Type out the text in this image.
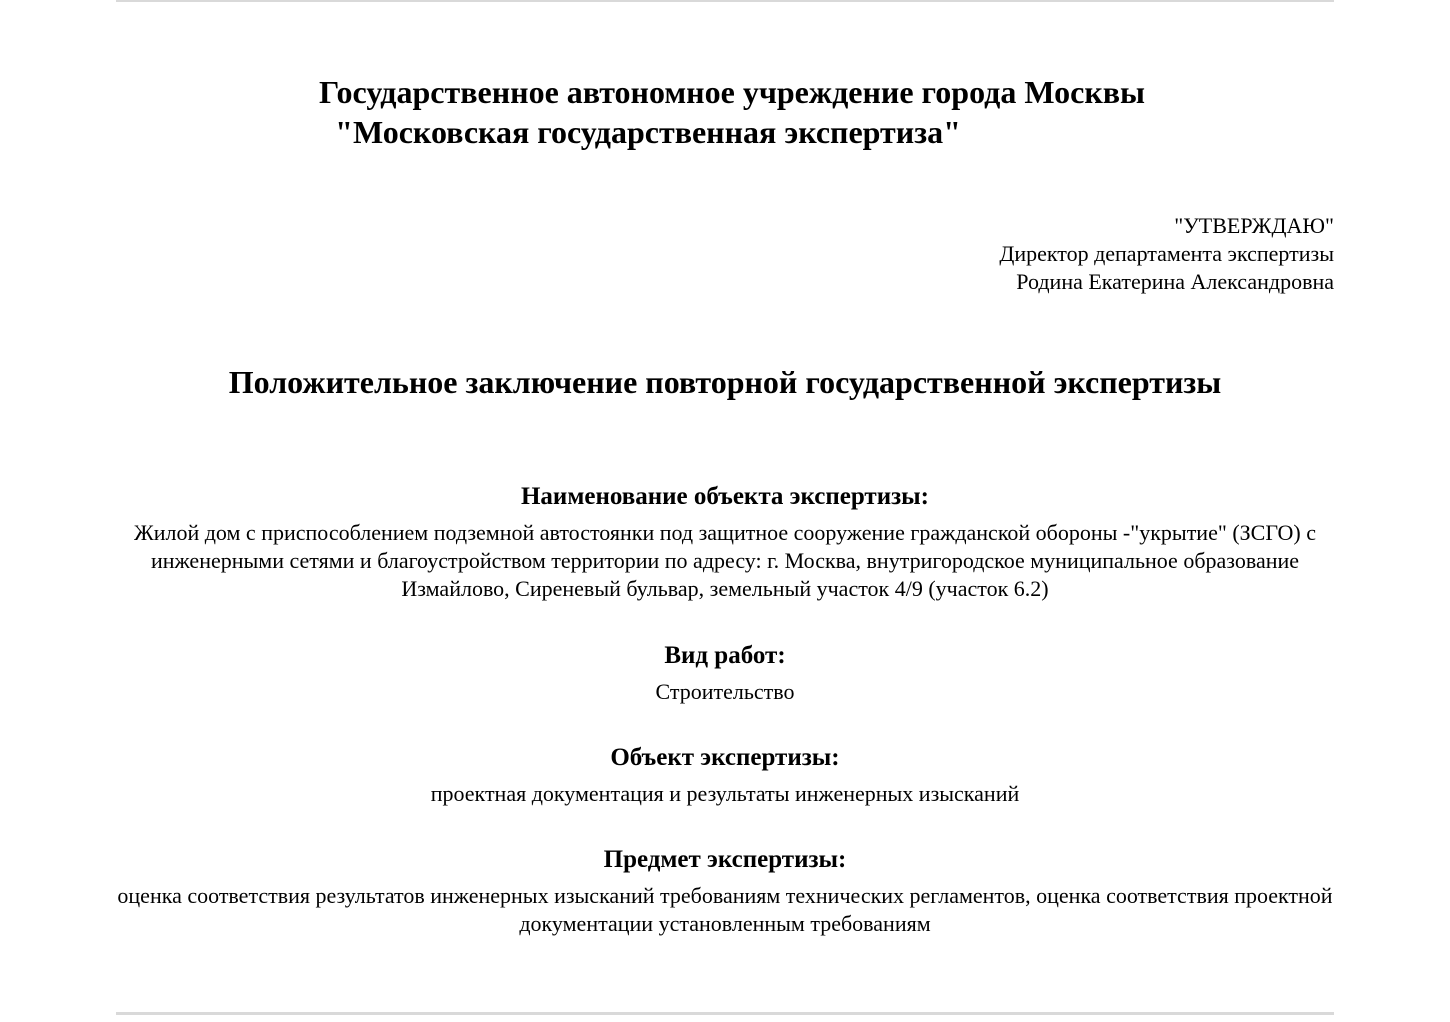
Государственное автономное учреждение города Москвы
"Московская государственная экспертиза"
"УТВЕРЖДАЮ"
Директор департамента экспертизы
Родина Екатерина Александровна
Положительное заключение повторной государственной экспертизы
Наименование объекта экспертизы:
Жилой дом с приспособлением подземной автостоянки под защитное сооружение гражданской обороны -"укрытие" (ЗСГО) с инженерными сетями и благоустройством территории по адресу: г. Москва, внутригородское муниципальное образование Измайлово, Сиреневый бульвар, земельный участок 4/9 (участок 6.2)
Вид работ:
Строительство
Объект экспертизы:
проектная документация и результаты инженерных изысканий
Предмет экспертизы:
оценка соответствия результатов инженерных изысканий требованиям технических регламентов, оценка соответствия проектной документации установленным требованиям
